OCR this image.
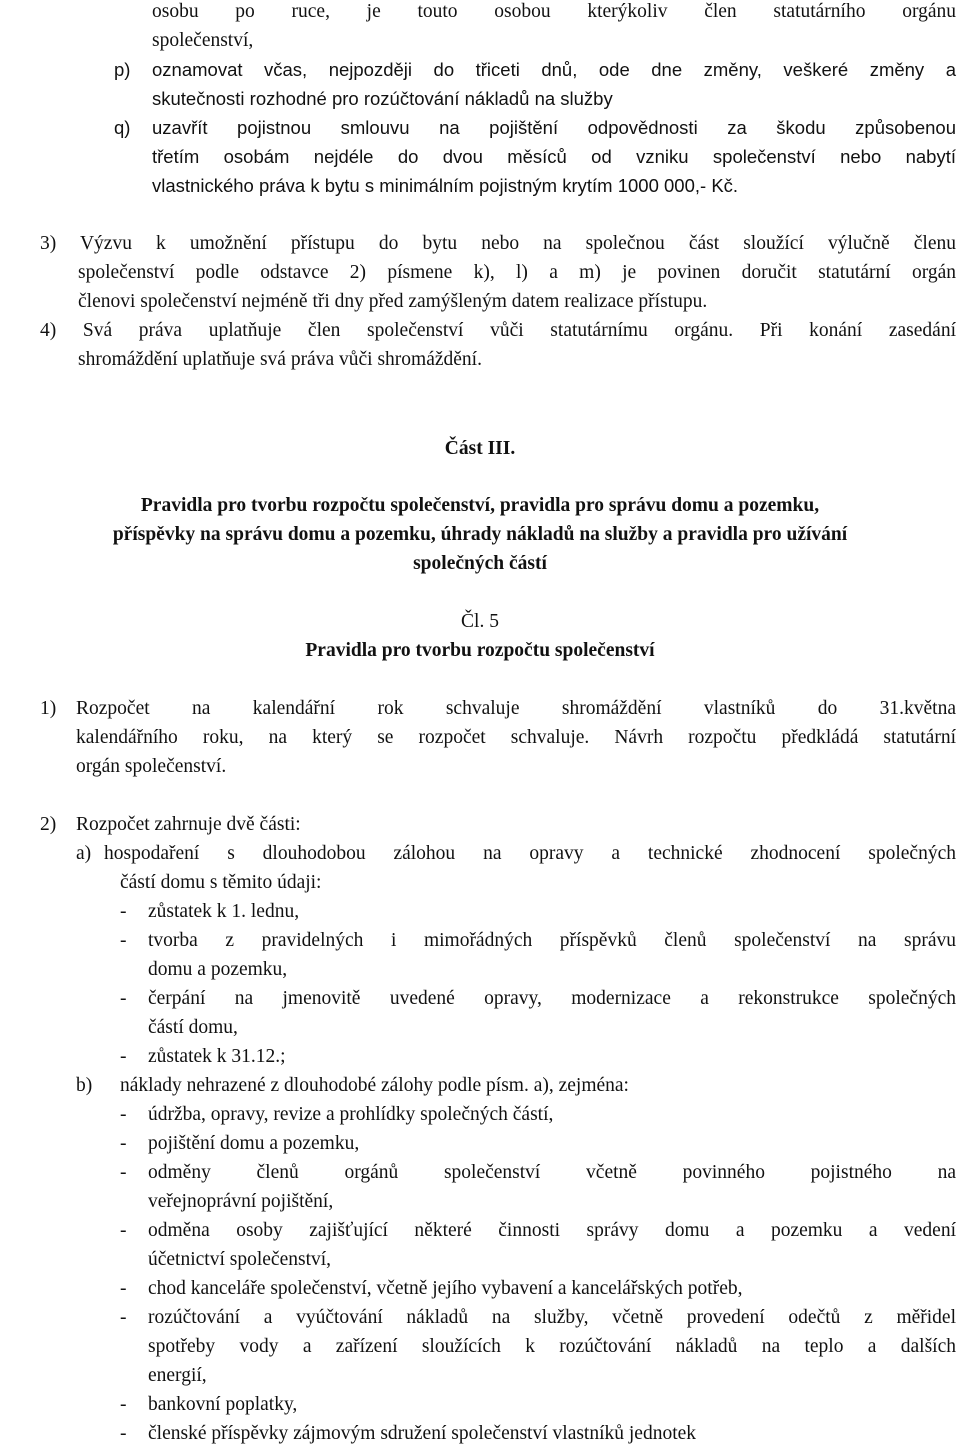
osobu po ruce, je touto osobou kterýkoliv člen statutárního orgánu
společenství,
p) oznamovat včas, nejpozději do třiceti dnů, ode dne změny, veškeré změny a
skutečnosti rozhodné pro rozúčtování nákladů na služby
q) uzavřít pojistnou smlouvu na pojištění odpovědnosti za škodu způsobenou
třetím osobám nejdéle do dvou měsíců od vzniku společenství nebo nabytí
vlastnického práva k bytu s minimálním pojistným krytím 1000 000,- Kč.
3) Výzvu k umožnění přístupu do bytu nebo na společnou část sloužící výlučně členu
společenství podle odstavce 2) písmene k), l) a m) je povinen doručit statutární orgán
členovi společenství nejméně tři dny před zamýšleným datem realizace přístupu.
4) Svá práva uplatňuje člen společenství vůči statutárnímu orgánu. Při konání zasedání
shromáždění uplatňuje svá práva vůči shromáždění.
Část III.
Pravidla pro tvorbu rozpočtu společenství, pravidla pro správu domu a pozemku,
příspěvky na správu domu a pozemku, úhrady nákladů na služby a pravidla pro užívání
společných částí
Čl. 5
Pravidla pro tvorbu rozpočtu společenství
1) Rozpočet na kalendářní rok schvaluje shromáždění vlastníků do 31.května
kalendářního roku, na který se rozpočet schvaluje. Návrh rozpočtu předkládá statutární
orgán společenství.
2) Rozpočet zahrnuje dvě části:
a) hospodaření s dlouhodobou zálohou na opravy a technické zhodnocení společných
částí domu s těmito údaji:
- zůstatek k 1. lednu,
- tvorba z pravidelných i mimořádných příspěvků členů společenství na správu
domu a pozemku,
- čerpání na jmenovitě uvedené opravy, modernizace a rekonstrukce společných
částí domu,
- zůstatek k 31.12.;
b) náklady nehrazené z dlouhodobé zálohy podle písm. a), zejména:
- údržba, opravy, revize a prohlídky společných částí,
- pojištění domu a pozemku,
- odměny členů orgánů společenství včetně povinného pojistného na
veřejnoprávní pojištění,
- odměna osoby zajišťující některé činnosti správy domu a pozemku a vedení
účetnictví společenství,
- chod kanceláře společenství, včetně jejího vybavení a kancelářských potřeb,
- rozúčtování a vyúčtování nákladů na služby, včetně provedení odečtů z měřidel
spotřeby vody a zařízení sloužících k rozúčtování nákladů na teplo a dalších
energií,
- bankovní poplatky,
- členské příspěvky zájmovým sdružení společenství vlastníků jednotek
